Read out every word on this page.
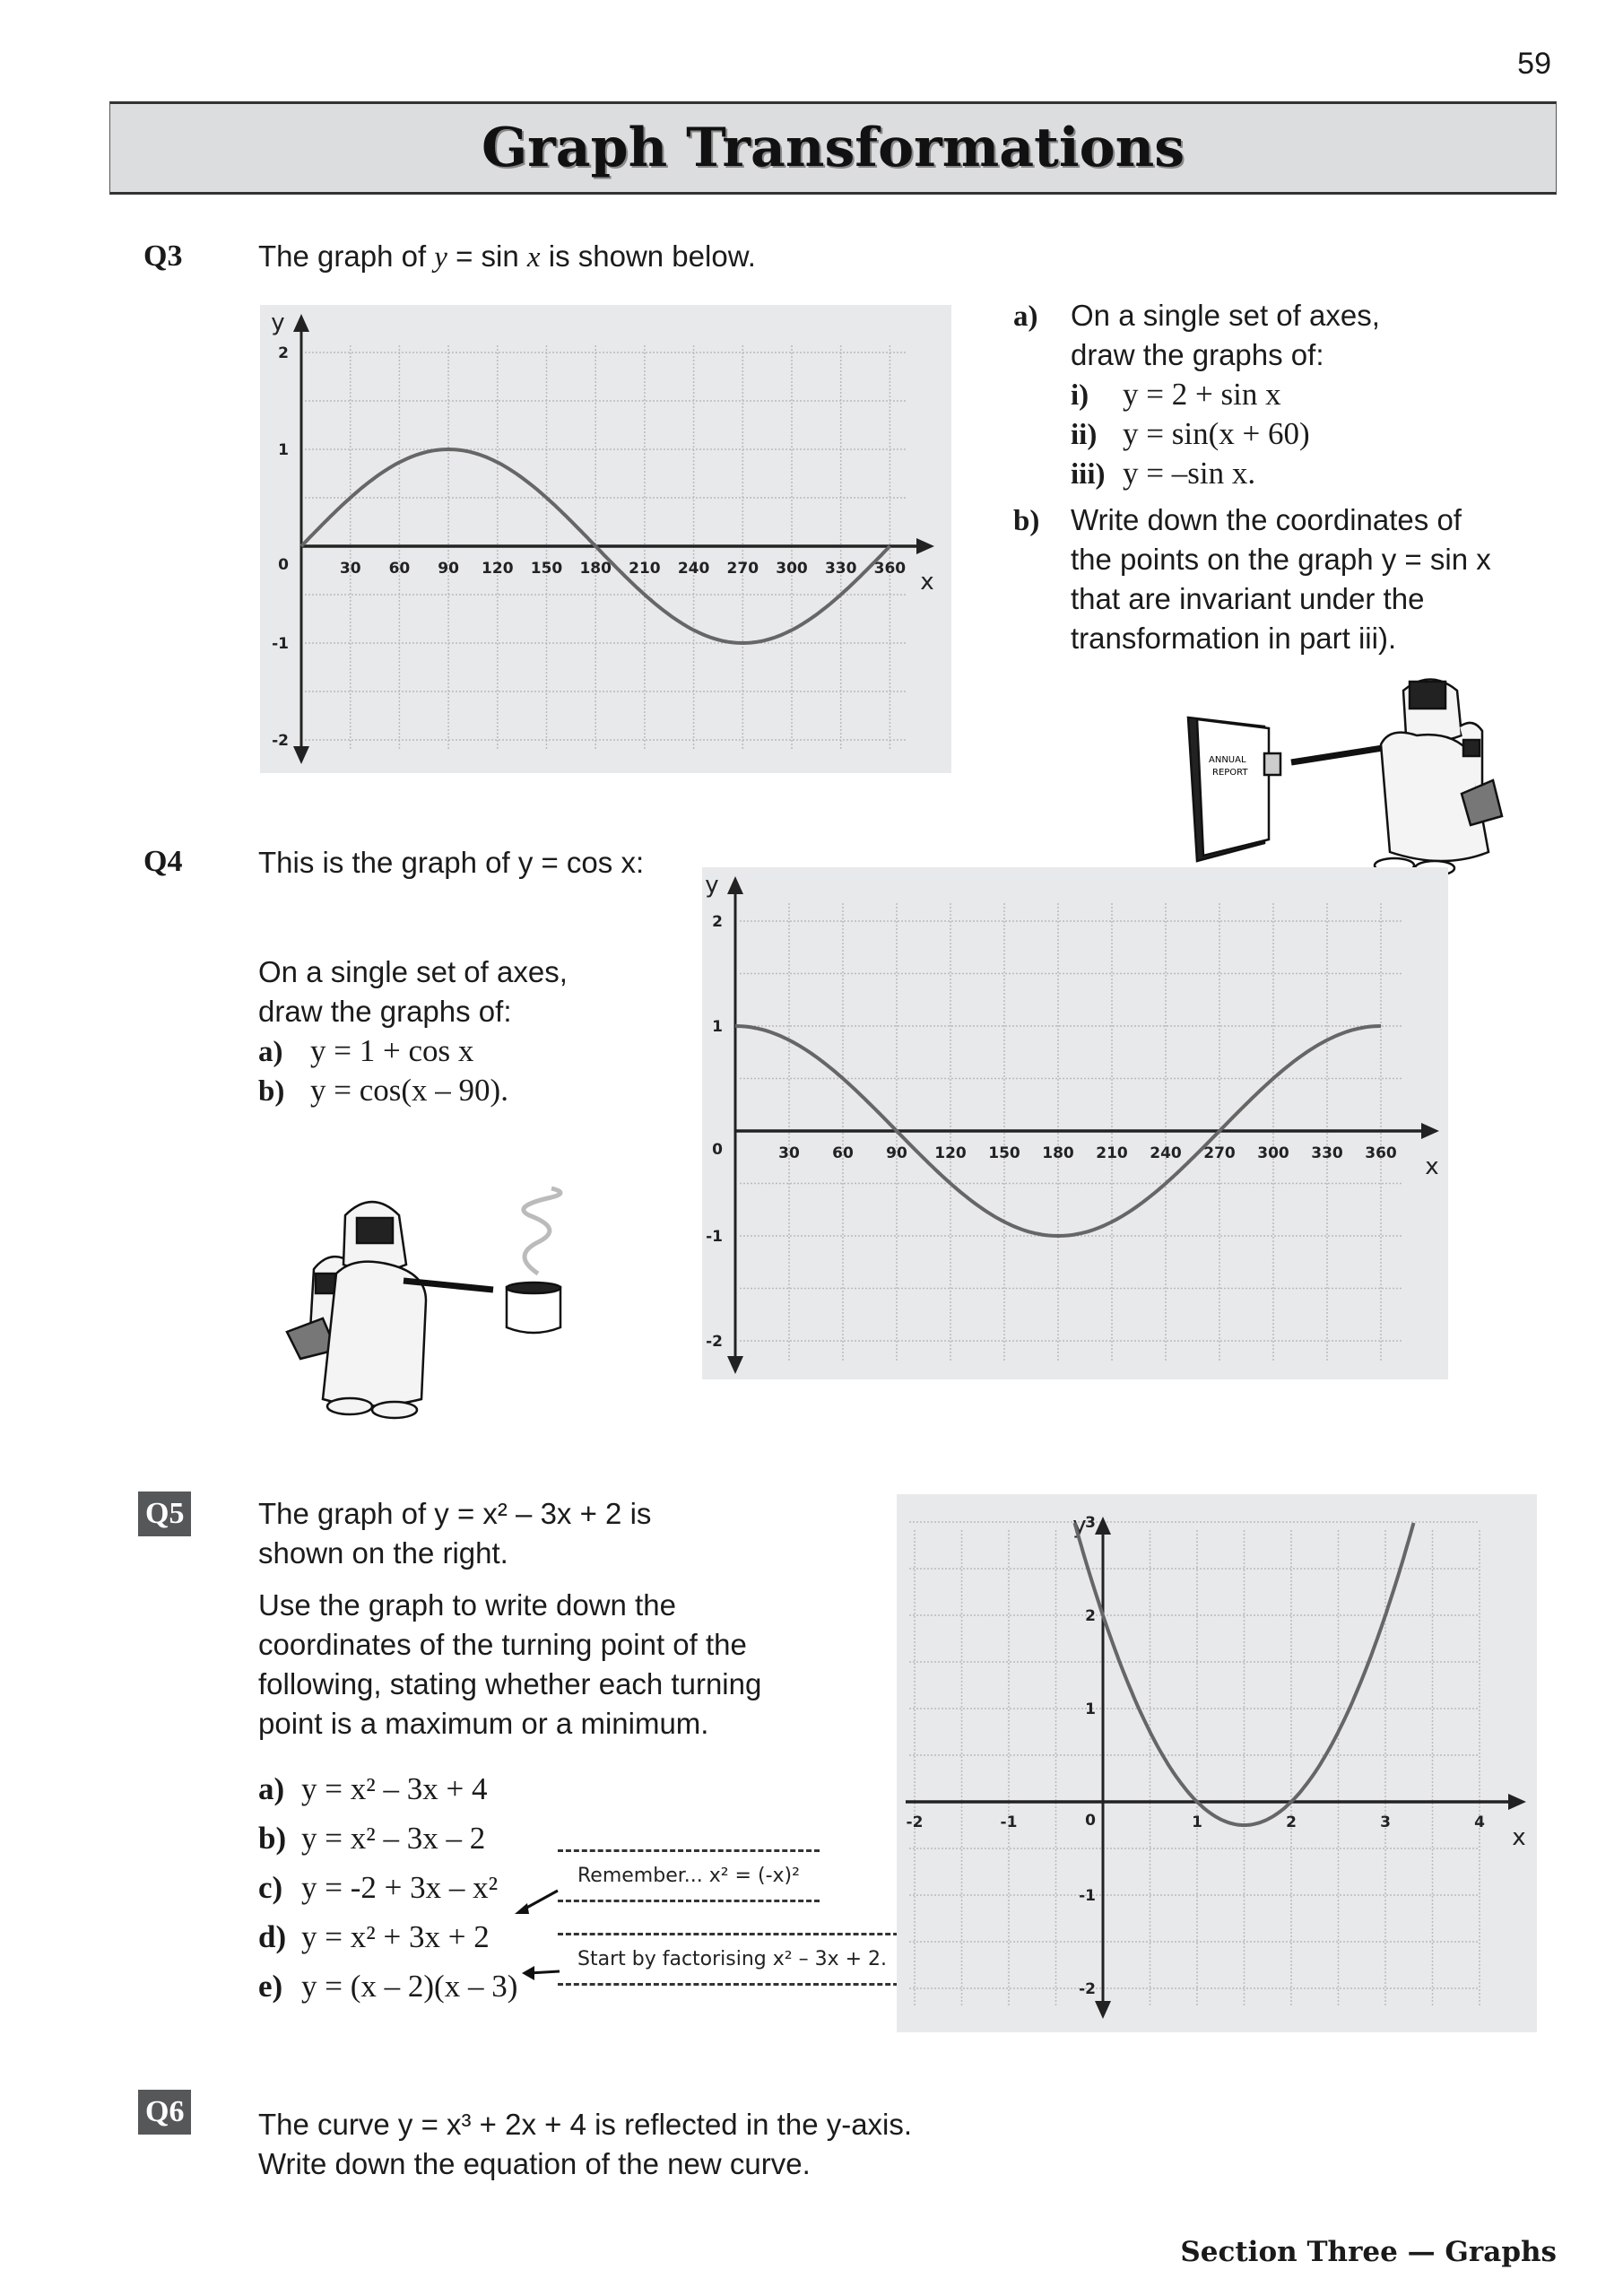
59
Graph Transformations
Q3	The graph of y = sin x is shown below.
30 60 90 120 150 180 210 240 270 300 330 360
2
1
0
-1
-2
x
y	a) On a single set of axes,
draw the graphs of:
i) y = 2 + sin x
ii) y = sin(x + 60)
iii) y = –sin x.
b) Write down the coordinates of
the points on the graph y = sin x
that are invariant under the
transformation in part iii).
ANNUAL
REPORT
Q4	This is the graph of y = cos x:
On a single set of axes,
draw the graphs of:
a) y = 1 + cos x
b) y = cos(x – 90).
30 60 90 120 150 180 210 240 270 300 330 360
2
1
0
-1
-2
x
y
Q5	The graph of y = x² – 3x + 2 is
shown on the right.
Use the graph to write down the
coordinates of the turning point of the
following, stating whether each turning
point is a maximum or a minimum.
a) y = x² – 3x + 4
b) y = x² – 3x – 2
c) y = -2 + 3x – x²
d) y = x² + 3x + 2
e) y = (x – 2)(x – 3)
Remember... x² = (-x)²
Start by factorising x² – 3x + 2.
-2	-1	1	2	3	4
3
2
1
0
-1
-2
x
y
Q6	The curve y = x³ + 2x + 4 is reflected in the y-axis.
Write down the equation of the new curve.
Section Three — Graphs
